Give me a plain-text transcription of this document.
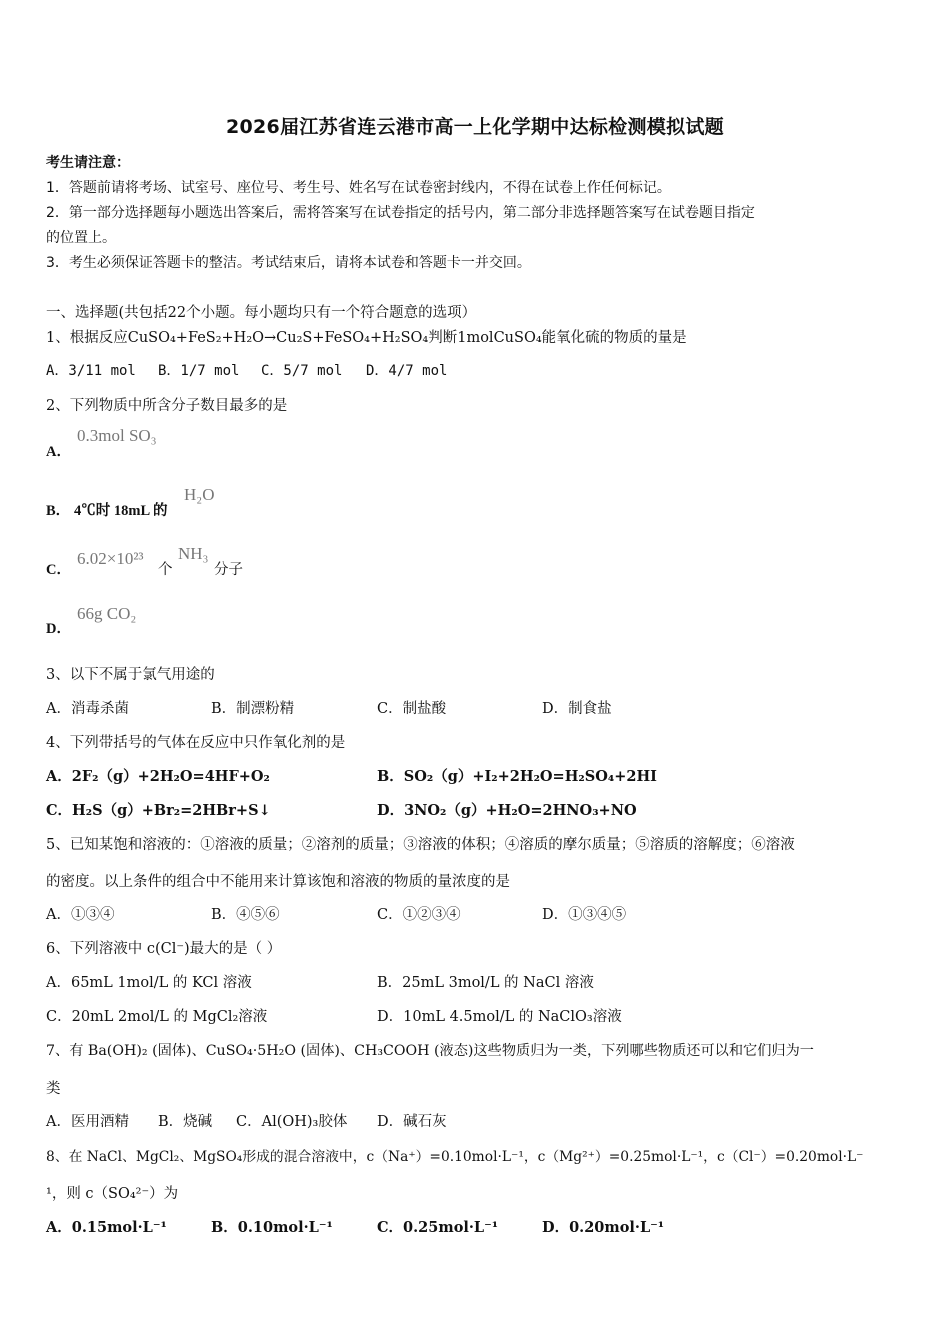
2026届江苏省连云港市高一上化学期中达标检测模拟试题
考生请注意：
1．答题前请将考场、试室号、座位号、考生号、姓名写在试卷密封线内，不得在试卷上作任何标记。
2．第一部分选择题每小题选出答案后，需将答案写在试卷指定的括号内，第二部分非选择题答案写在试卷题目指定
的位置上。
3．考生必须保证答题卡的整洁。考试结束后，请将本试卷和答题卡一并交回。
一、选择题(共包括22个小题。每小题均只有一个符合题意的选项）
1、根据反应CuSO₄+FeS₂+H₂O→Cu₂S+FeSO₄+H₂SO₄判断1molCuSO₄能氧化硫的物质的量是
A．3/11 mol B．1/7 mol C．5/7 mol D．4/7 mol
2、下列物质中所含分子数目最多的是
A．
0.3mol SO₃
B． 4℃时 18mL 的
H₂O
C．
6.02×10²³
个
NH₃
分子
D．
66g CO₂
3、以下不属于氯气用途的
A．消毒杀菌	B．制漂粉精	C．制盐酸	D．制食盐
4、下列带括号的气体在反应中只作氧化剂的是
A．2F₂（g）+2H₂O=4HF+O₂	B．SO₂（g）+I₂+2H₂O=H₂SO₄+2HI
C．H₂S（g）+Br₂=2HBr+S↓	D．3NO₂（g）+H₂O=2HNO₃+NO
5、已知某饱和溶液的：①溶液的质量；②溶剂的质量；③溶液的体积；④溶质的摩尔质量；⑤溶质的溶解度；⑥溶液
的密度。以上条件的组合中不能用来计算该饱和溶液的物质的量浓度的是
A．①③④	B．④⑤⑥	C．①②③④	D．①③④⑤
6、下列溶液中 c(Cl⁻)最大的是（ ）
A．65mL 1mol/L 的 KCl 溶液	B．25mL 3mol/L 的 NaCl 溶液
C．20mL 2mol/L 的 MgCl₂溶液	D．10mL 4.5mol/L 的 NaClO₃溶液
7、有 Ba(OH)₂ (固体)、CuSO₄·5H₂O (固体)、CH₃COOH (液态)这些物质归为一类，下列哪些物质还可以和它们归为一
类
A．医用酒精 B．烧碱 C．Al(OH)₃胶体 D．碱石灰
8、在 NaCl、MgCl₂、MgSO₄形成的混合溶液中，c（Na⁺）=0.10mol·L⁻¹，c（Mg²⁺）=0.25mol·L⁻¹，c（Cl⁻）=0.20mol·L⁻
¹，则 c（SO₄²⁻）为
A．0.15mol·L⁻¹	B．0.10mol·L⁻¹	C．0.25mol·L⁻¹	D．0.20mol·L⁻¹
